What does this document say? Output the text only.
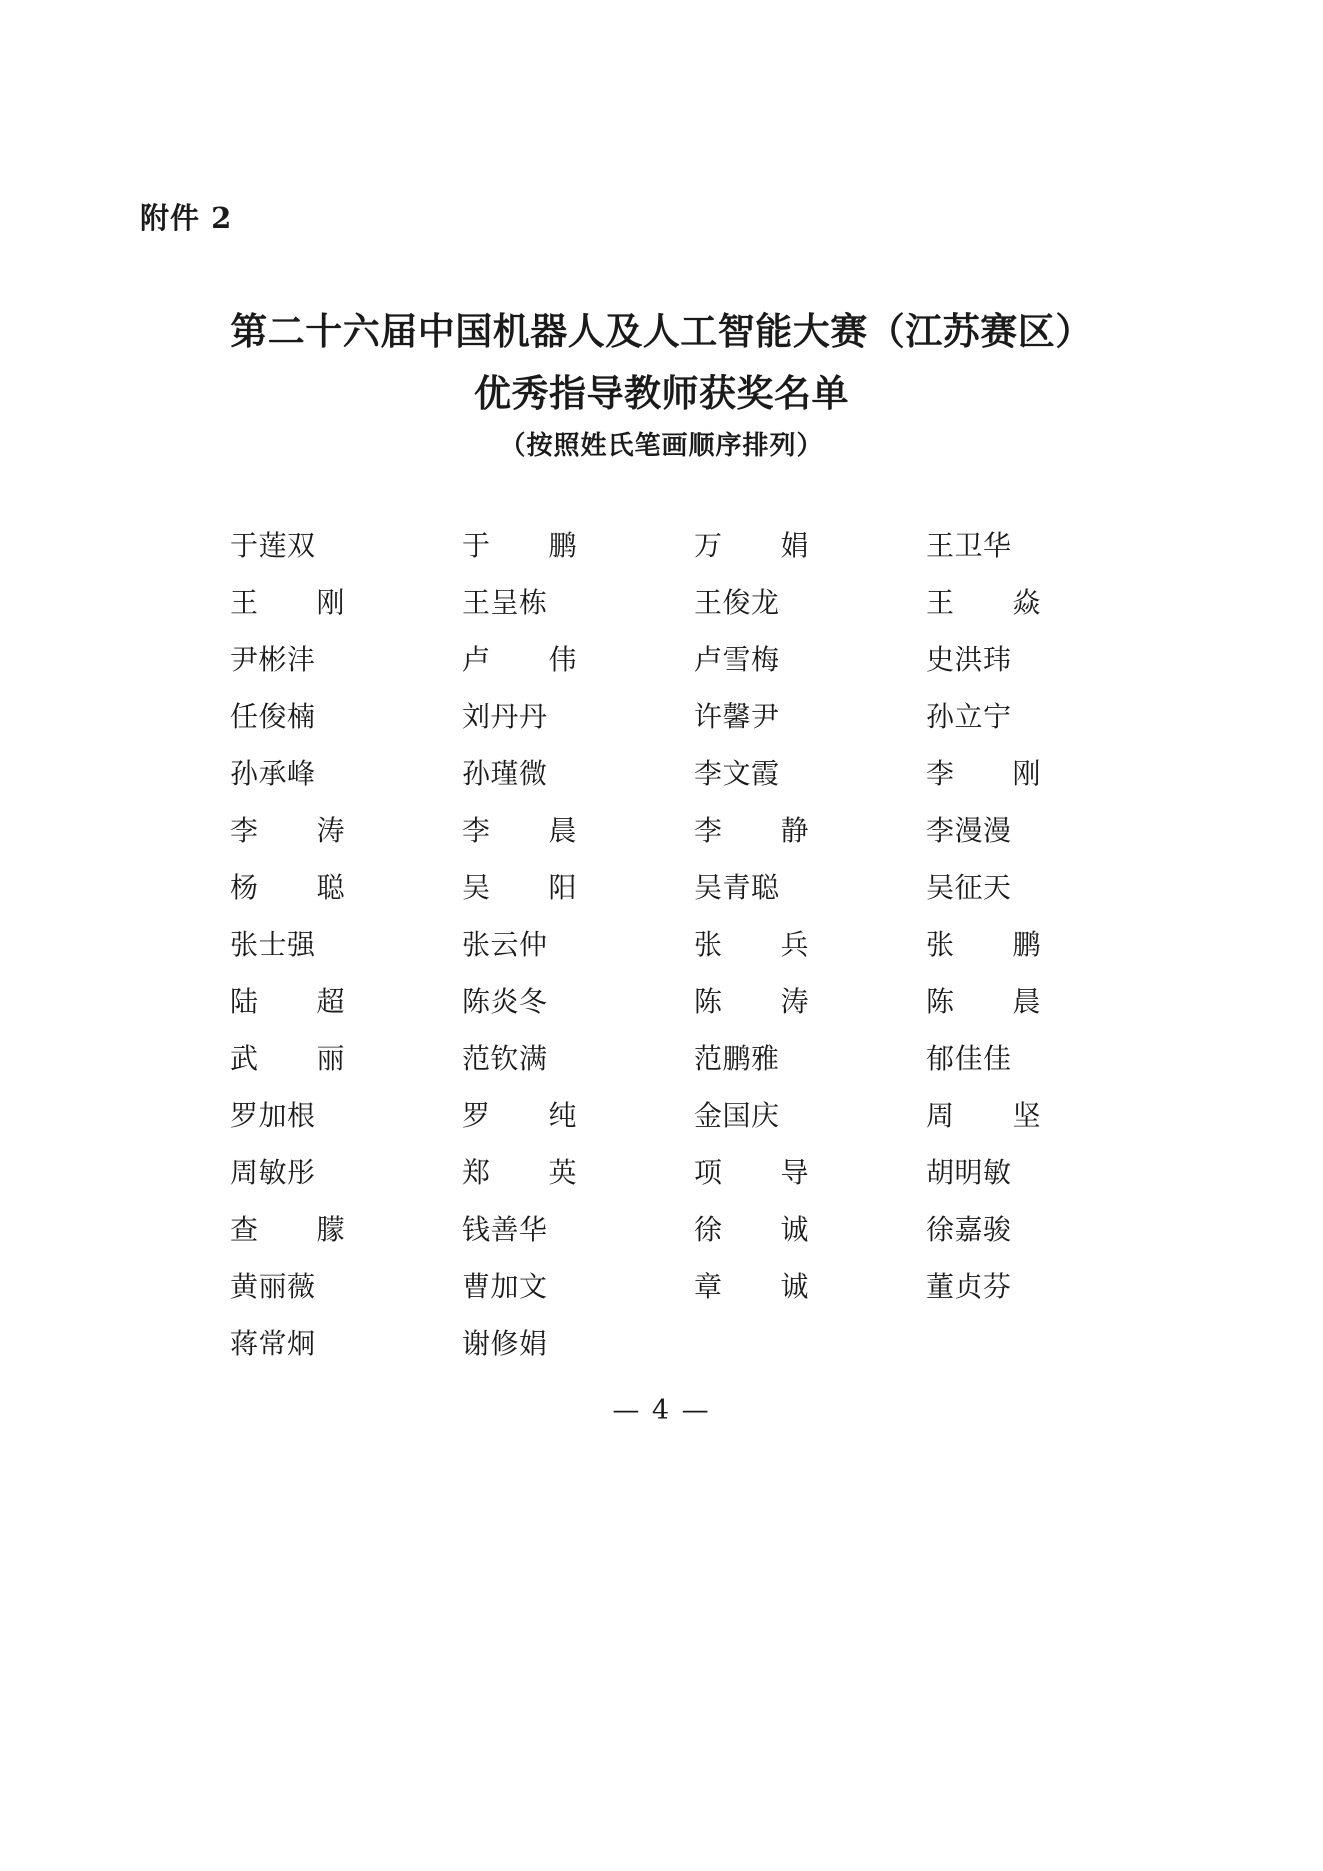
附件 2
第二十六届中国机器人及人工智能大赛（江苏赛区）
优秀指导教师获奖名单
（按照姓氏笔画顺序排列）
于莲双	于鹏	万娟	王卫华
王刚	王呈栋	王俊龙	王焱
尹彬沣	卢伟	卢雪梅	史洪玮
任俊楠	刘丹丹	许馨尹	孙立宁
孙承峰	孙瑾微	李文霞	李刚
李涛	李晨	李静	李漫漫
杨聪	吴阳	吴青聪	吴征天
张士强	张云仲	张兵	张鹏
陆超	陈炎冬	陈涛	陈晨
武丽	范钦满	范鹏雅	郁佳佳
罗加根	罗纯	金国庆	周坚
周敏彤	郑英	项导	胡明敏
查朦	钱善华	徐诚	徐嘉骏
黄丽薇	曹加文	章诚	董贞芬
蒋常炯	谢修娟
— 4 —
